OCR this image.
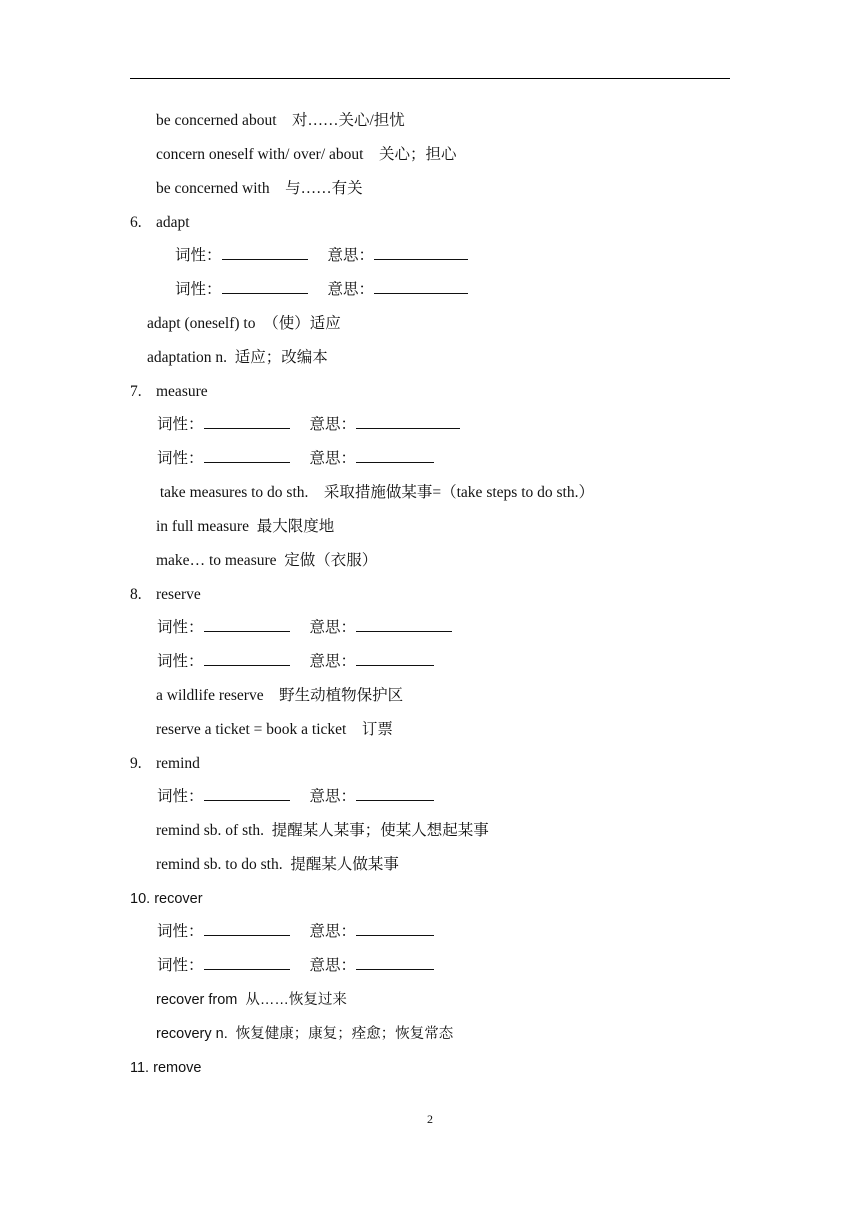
be concerned about　对……关心/担忧
concern oneself with/ over/ about　关心；担心
be concerned with　与……有关
6. adapt
词性：	意思：
词性：	意思：
adapt (oneself) to　（使）适应
adaptation n.  适应；改编本
7. measure
词性：	意思：
词性：	意思：
take measures to do sth.　采取措施做某事=（take steps to do sth.）
in full measure  最大限度地
make… to measure  定做（衣服）
8. reserve
词性：	意思：
词性：	意思：
a wildlife reserve　野生动植物保护区
reserve a ticket = book a ticket　订票
9. remind
词性：	意思：
remind sb. of sth.  提醒某人某事；使某人想起某事
remind sb. to do sth.  提醒某人做某事
10. recover
词性：	意思：
词性：	意思：
recover from  从……恢复过来
recovery n.  恢复健康；康复；痊愈；恢复常态
11. remove
2
